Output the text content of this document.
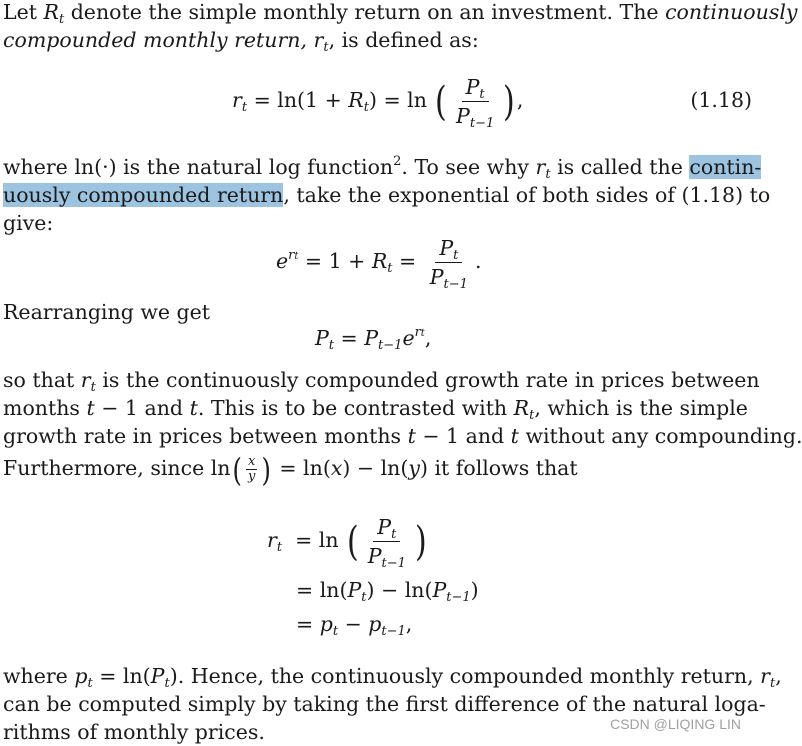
Let $R_t$ denote the simple monthly return on an investment. The continuously
compounded monthly return, $r_t$, is defined as:
$r_t = \ln(1 + R_t) = \ln$ ( $\frac{P_t}{P_{t-1}}$ ),	(1.18)
where ln(·) is the natural log function$^2$. To see why $r_t$ is called the contin-
uously compounded return, take the exponential of both sides of (1.18) to
give:
$e^{rt} = 1 + R_t = \frac{P_t}{P_{t-1}}$ .
Rearranging we get
$P_t = P_{t-1}e^{rt}$,
so that $r_t$ is the continuously compounded growth rate in prices between
months t − 1 and t. This is to be contrasted with $R_t$, which is the simple
growth rate in prices between months t − 1 and t without any compounding.
Furthermore, since $\ln( \frac{x}{y}$ ) = ln(x) − ln(y) it follows that
$r_t = \ln$ ( $\frac{P_t}{P_{t-1}}$ )
= $\ln(P_t) - \ln(P_{t-1})$
= $p_t - p_{t-1}$,
where $p_t = \ln(P_t)$. Hence, the continuously compounded monthly return, $r_t$,
can be computed simply by taking the first difference of the natural loga-
rithms of monthly prices.	CSDN @LIQING LIN
